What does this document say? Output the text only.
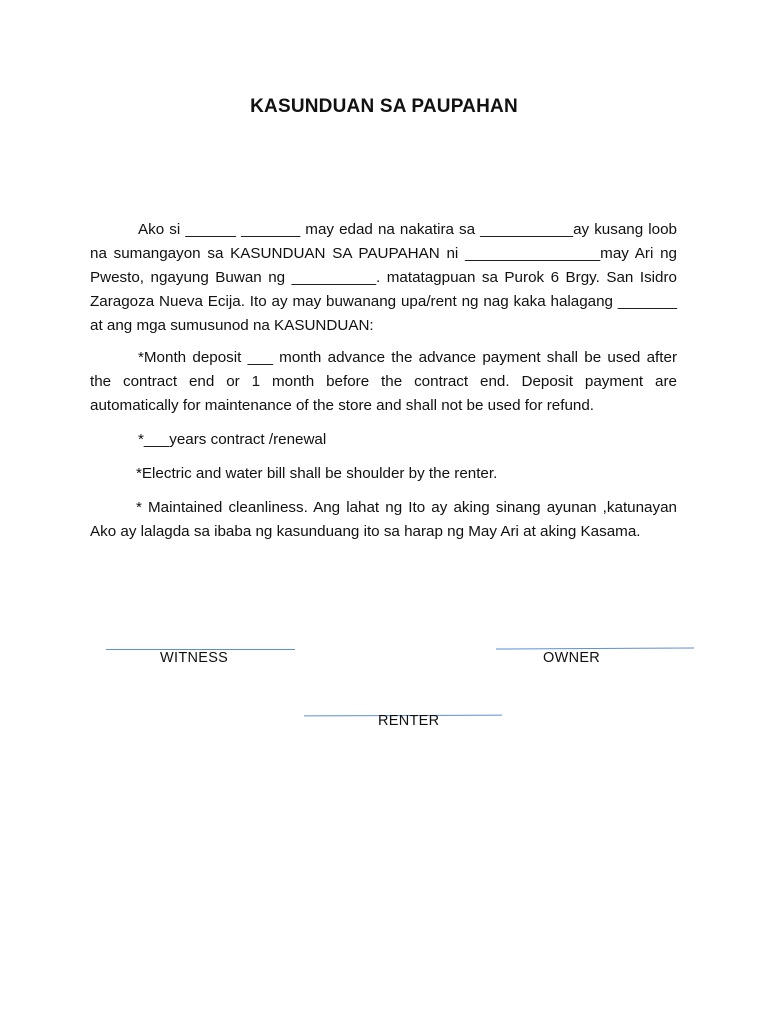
KASUNDUAN SA PAUPAHAN

Ako si ______ _______ may edad na nakatira sa ___________ay kusang loob na sumangayon sa KASUNDUAN SA PAUPAHAN ni ________________may Ari ng Pwesto, ngayung Buwan ng __________. matatagpuan sa Purok 6 Brgy. San Isidro Zaragoza Nueva Ecija. Ito ay may buwanang upa/rent ng nag kaka halagang _______ at ang mga sumusunod na KASUNDUAN:

*Month deposit ___ month advance the advance payment shall be used after the contract end or 1 month before the contract end. Deposit payment are automatically for maintenance of the store and shall not be used for refund.

*___years contract /renewal

*Electric and water bill shall be shoulder by the renter.

* Maintained cleanliness. Ang lahat ng Ito ay aking sinang ayunan ,katunayan Ako ay lalagda sa ibaba ng kasunduang ito sa harap ng May Ari at aking Kasama.

WITNESS	OWNER
RENTER
